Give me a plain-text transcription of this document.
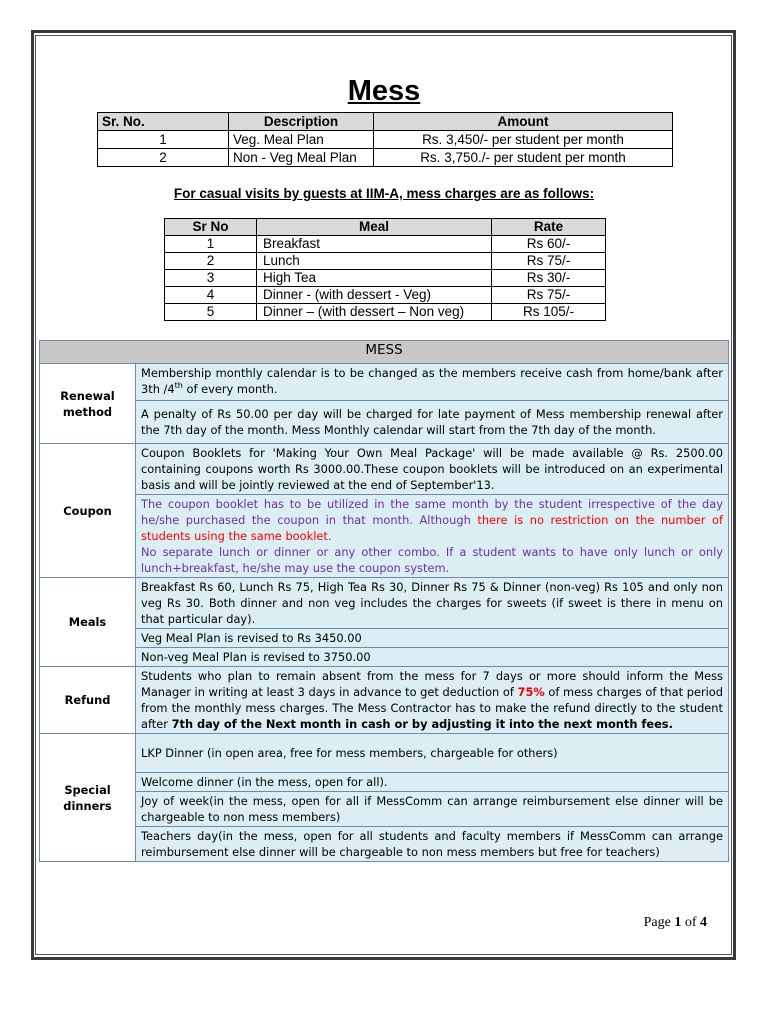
Mess
Sr. No.	Description	Amount
1	Veg. Meal Plan	Rs. 3,450/- per student per month
2	Non - Veg Meal Plan	Rs. 3,750./- per student per month
For casual visits by guests at IIM-A, mess charges are as follows:
Sr No	Meal	Rate
1	Breakfast	Rs 60/-
2	Lunch	Rs 75/-
3	High Tea	Rs 30/-
4	Dinner - (with dessert - Veg)	Rs 75/-
5	Dinner – (with dessert – Non veg)	Rs 105/-
MESS	
Renewal method	Membership monthly calendar is to be changed as the members receive cash from home/bank after 3th /4th of every month.
	A penalty of Rs 50.00 per day will be charged for late payment of Mess membership renewal after the 7th day of the month. Mess Monthly calendar will start from the 7th day of the month.
Coupon	Coupon Booklets for 'Making Your Own Meal Package' will be made available @ Rs. 2500.00 containing coupons worth Rs 3000.00.These coupon booklets will be introduced on an experimental basis and will be jointly reviewed at the end of September'13.
	The coupon booklet has to be utilized in the same month by the student irrespective of the day he/she purchased the coupon in that month. Although there is no restriction on the number of students using the same booklet.
No separate lunch or dinner or any other combo. If a student wants to have only lunch or only lunch+breakfast, he/she may use the coupon system.
Meals	Breakfast Rs 60, Lunch Rs 75, High Tea Rs 30, Dinner Rs 75 & Dinner (non-veg) Rs 105 and only non veg Rs 30. Both dinner and non veg includes the charges for sweets (if sweet is there in menu on that particular day).
	Veg Meal Plan is revised to Rs 3450.00
	Non-veg Meal Plan is revised to 3750.00
Refund	Students who plan to remain absent from the mess for 7 days or more should inform the Mess Manager in writing at least 3 days in advance to get deduction of 75% of mess charges of that period from the monthly mess charges. The Mess Contractor has to make the refund directly to the student after 7th day of the Next month in cash or by adjusting it into the next month fees.
Special dinners	LKP Dinner (in open area, free for mess members, chargeable for others)
	Welcome dinner (in the mess, open for all).
	Joy of week(in the mess, open for all if MessComm can arrange reimbursement else dinner will be chargeable to non mess members)
	Teachers day(in the mess, open for all students and faculty members if MessComm can arrange reimbursement else dinner will be chargeable to non mess members but free for teachers)
Page 1 of 4
